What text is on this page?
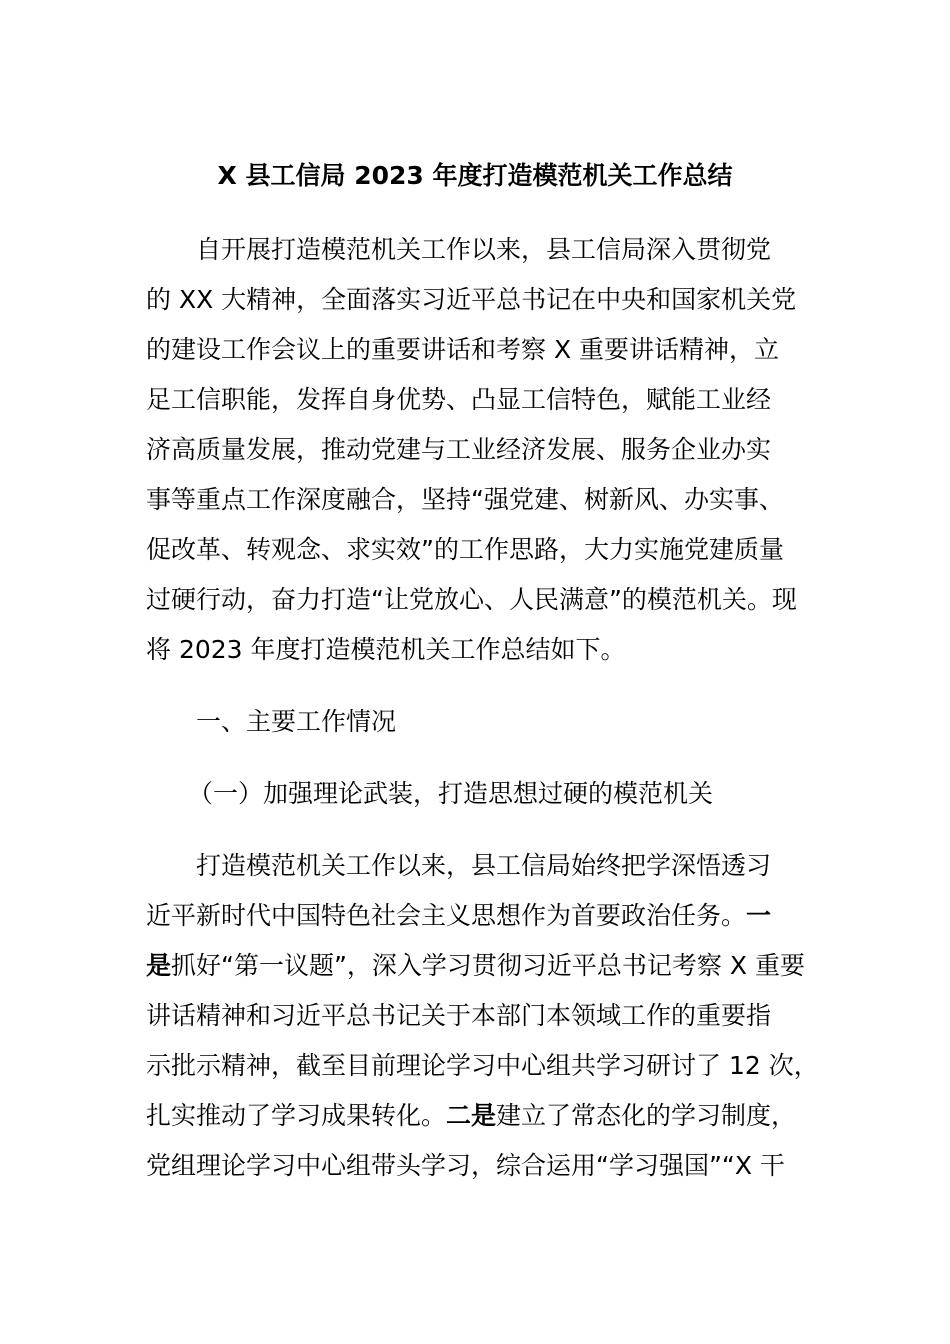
X 县工信局 2023 年度打造模范机关工作总结
自开展打造模范机关工作以来，县工信局深入贯彻党
的 XX 大精神，全面落实习近平总书记在中央和国家机关党
的建设工作会议上的重要讲话和考察 X 重要讲话精神，立
足工信职能，发挥自身优势、凸显工信特色，赋能工业经
济高质量发展，推动党建与工业经济发展、服务企业办实
事等重点工作深度融合，坚持“强党建、树新风、办实事、
促改革、转观念、求实效”的工作思路，大力实施党建质量
过硬行动，奋力打造“让党放心、人民满意”的模范机关。现
将 2023 年度打造模范机关工作总结如下。
一、主要工作情况
（一）加强理论武装，打造思想过硬的模范机关
打造模范机关工作以来，县工信局始终把学深悟透习
近平新时代中国特色社会主义思想作为首要政治任务。一
是抓好“第一议题”，深入学习贯彻习近平总书记考察 X 重要
讲话精神和习近平总书记关于本部门本领域工作的重要指
示批示精神，截至目前理论学习中心组共学习研讨了 12 次，
扎实推动了学习成果转化。二是建立了常态化的学习制度，
党组理论学习中心组带头学习，综合运用“学习强国”“X 干
